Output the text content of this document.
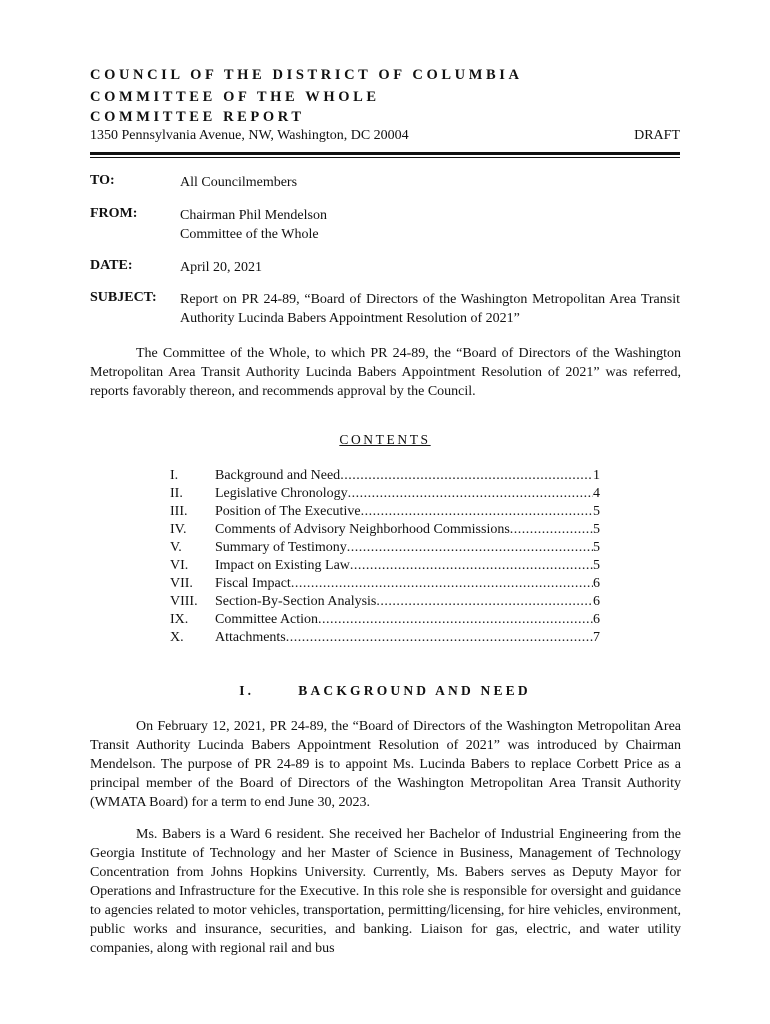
COUNCIL OF THE DISTRICT OF COLUMBIA
COMMITTEE OF THE WHOLE
COMMITTEE REPORT
1350 Pennsylvania Avenue, NW, Washington, DC 20004	DRAFT
TO:	All Councilmembers
FROM:	Chairman Phil Mendelson
Committee of the Whole
DATE:	April 20, 2021
SUBJECT: Report on PR 24-89, “Board of Directors of the Washington Metropolitan Area Transit Authority Lucinda Babers Appointment Resolution of 2021”
The Committee of the Whole, to which PR 24-89, the “Board of Directors of the Washington Metropolitan Area Transit Authority Lucinda Babers Appointment Resolution of 2021” was referred, reports favorably thereon, and recommends approval by the Council.
CONTENTS
I.	Background and Need .....	1
II.	Legislative Chronology .....	4
III.	Position of The Executive .....	5
IV.	Comments of Advisory Neighborhood Commissions .....	5
V.	Summary of Testimony .....	5
VI.	Impact on Existing Law .....	5
VII.	Fiscal Impact .....	6
VIII.	Section-By-Section Analysis .....	6
IX.	Committee Action .....	6
X.	Attachments .....	7
I.	BACKGROUND AND NEED
On February 12, 2021, PR 24-89, the “Board of Directors of the Washington Metropolitan Area Transit Authority Lucinda Babers Appointment Resolution of 2021” was introduced by Chairman Mendelson. The purpose of PR 24-89 is to appoint Ms. Lucinda Babers to replace Corbett Price as a principal member of the Board of Directors of the Washington Metropolitan Area Transit Authority (WMATA Board) for a term to end June 30, 2023.
Ms. Babers is a Ward 6 resident. She received her Bachelor of Industrial Engineering from the Georgia Institute of Technology and her Master of Science in Business, Management of Technology Concentration from Johns Hopkins University. Currently, Ms. Babers serves as Deputy Mayor for Operations and Infrastructure for the Executive. In this role she is responsible for oversight and guidance to agencies related to motor vehicles, transportation, permitting/licensing, for hire vehicles, environment, public works and insurance, securities, and banking. Liaison for gas, electric, and water utility companies, along with regional rail and bus
